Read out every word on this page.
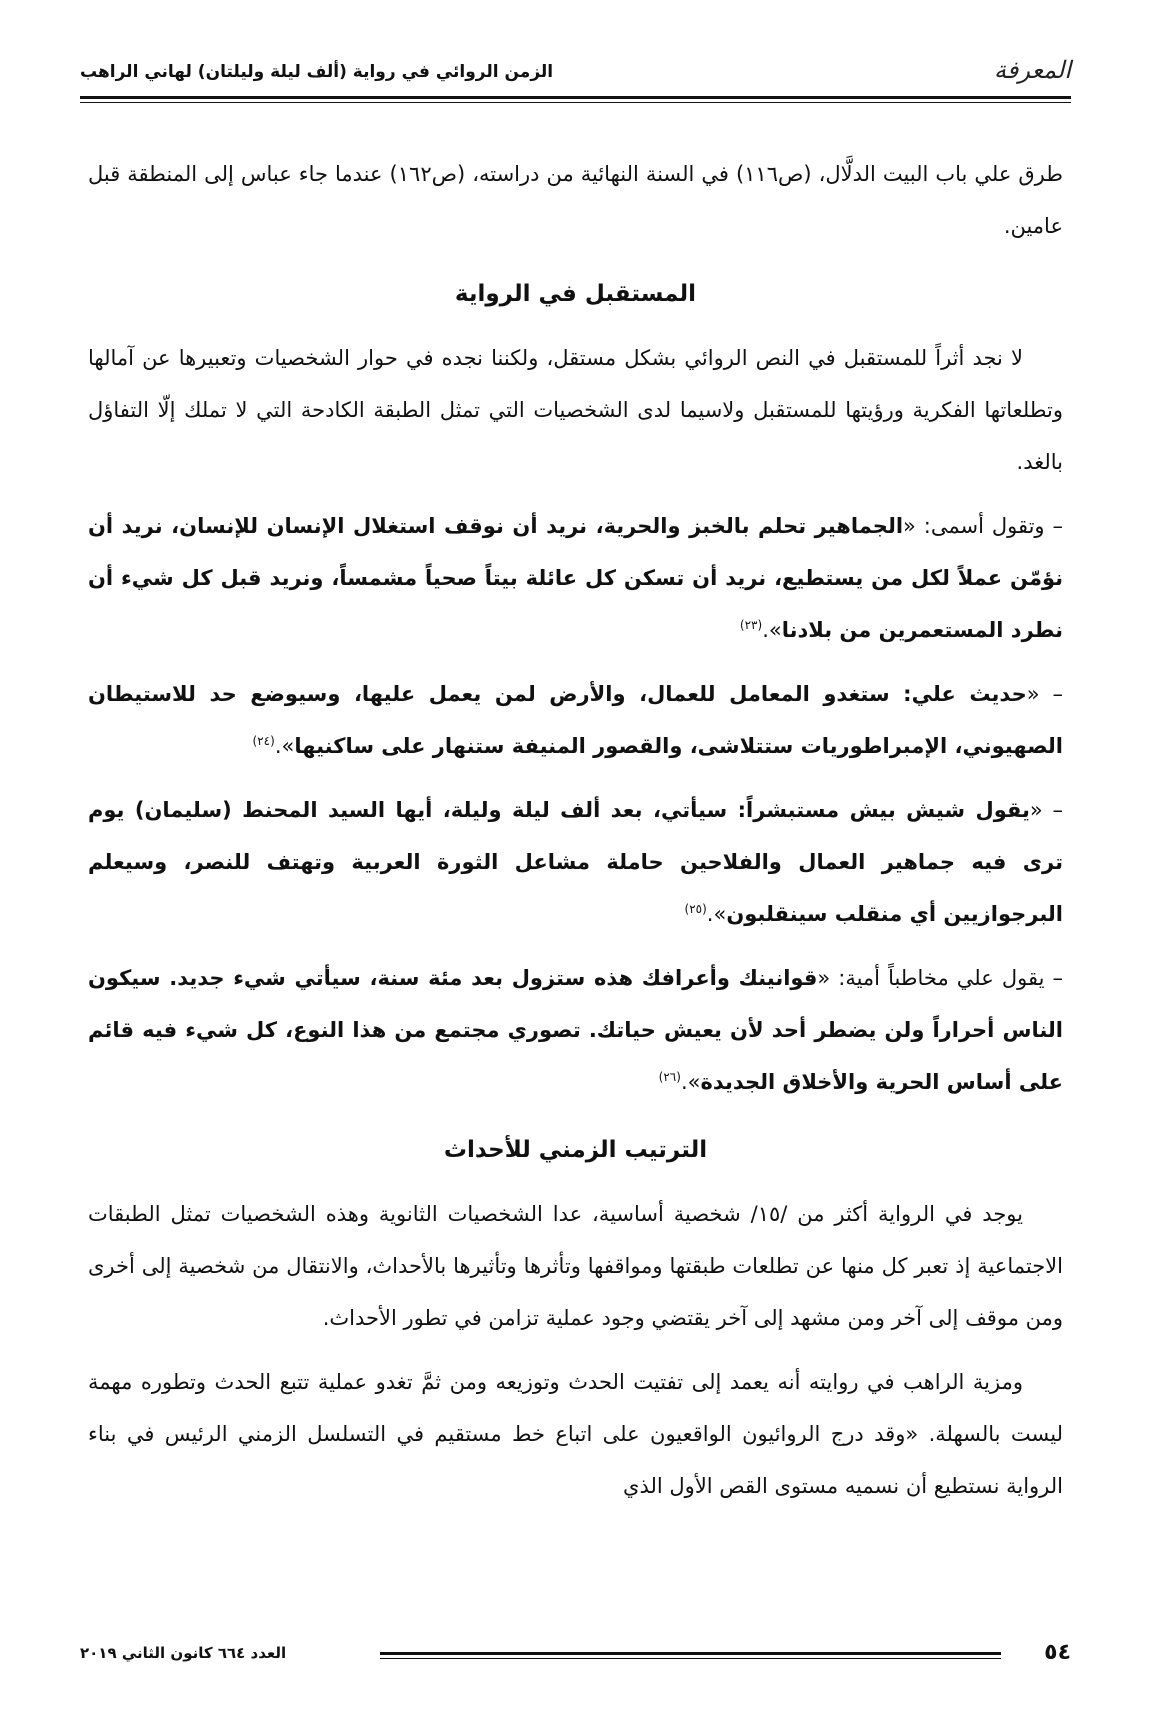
المعرفة
الزمن الروائي في رواية (ألف ليلة وليلتان) لهاني الراهب

طرق علي باب البيت الدلَّال، (ص١١٦) في السنة النهائية من دراسته، (ص١٦٢) عندما جاء عباس إلى المنطقة قبل عامين.

المستقبل في الرواية

لا نجد أثراً للمستقبل في النص الروائي بشكل مستقل، ولكننا نجده في حوار الشخصيات وتعبيرها عن آمالها وتطلعاتها الفكرية ورؤيتها للمستقبل ولاسيما لدى الشخصيات التي تمثل الطبقة الكادحة التي لا تملك إلّا التفاؤل بالغد.

– وتقول أسمى: «الجماهير تحلم بالخبز والحرية، نريد أن نوقف استغلال الإنسان للإنسان، نريد أن نؤمّن عملاً لكل من يستطيع، نريد أن تسكن كل عائلة بيتاً صحياً مشمساً، ونريد قبل كل شيء أن نطرد المستعمرين من بلادنا».$^{(٢٣)}$

– «حديث علي: ستغدو المعامل للعمال، والأرض لمن يعمل عليها، وسيوضع حد للاستيطان الصهيوني، الإمبراطوريات ستتلاشى، والقصور المنيفة ستنهار على ساكنيها».$^{(٢٤)}$

– «يقول شيش بيش مستبشراً: سيأتي، بعد ألف ليلة وليلة، أيها السيد المحنط (سليمان) يوم ترى فيه جماهير العمال والفلاحين حاملة مشاعل الثورة العربية وتهتف للنصر، وسيعلم البرجوازيين أي منقلب سينقلبون».$^{(٢٥)}$

– يقول علي مخاطباً أمية: «قوانينك وأعرافك هذه ستزول بعد مئة سنة، سيأتي شيء جديد. سيكون الناس أحراراً ولن يضطر أحد لأن يعيش حياتك. تصوري مجتمع من هذا النوع، كل شيء فيه قائم على أساس الحرية والأخلاق الجديدة».$^{(٢٦)}$

الترتيب الزمني للأحداث

يوجد في الرواية أكثر من /١٥/ شخصية أساسية، عدا الشخصيات الثانوية وهذه الشخصيات تمثل الطبقات الاجتماعية إذ تعبر كل منها عن تطلعات طبقتها ومواقفها وتأثرها وتأثيرها بالأحداث، والانتقال من شخصية إلى أخرى ومن موقف إلى آخر ومن مشهد إلى آخر يقتضي وجود عملية تزامن في تطور الأحداث.

ومزية الراهب في روايته أنه يعمد إلى تفتيت الحدث وتوزيعه ومن ثمَّ تغدو عملية تتبع الحدث وتطوره مهمة ليست بالسهلة. «وقد درج الروائيون الواقعيون على اتباع خط مستقيم في التسلسل الزمني الرئيس في بناء الرواية نستطيع أن نسميه مستوى القص الأول الذي

٥٤
العدد ٦٦٤ كانون الثاني ٢٠١٩
